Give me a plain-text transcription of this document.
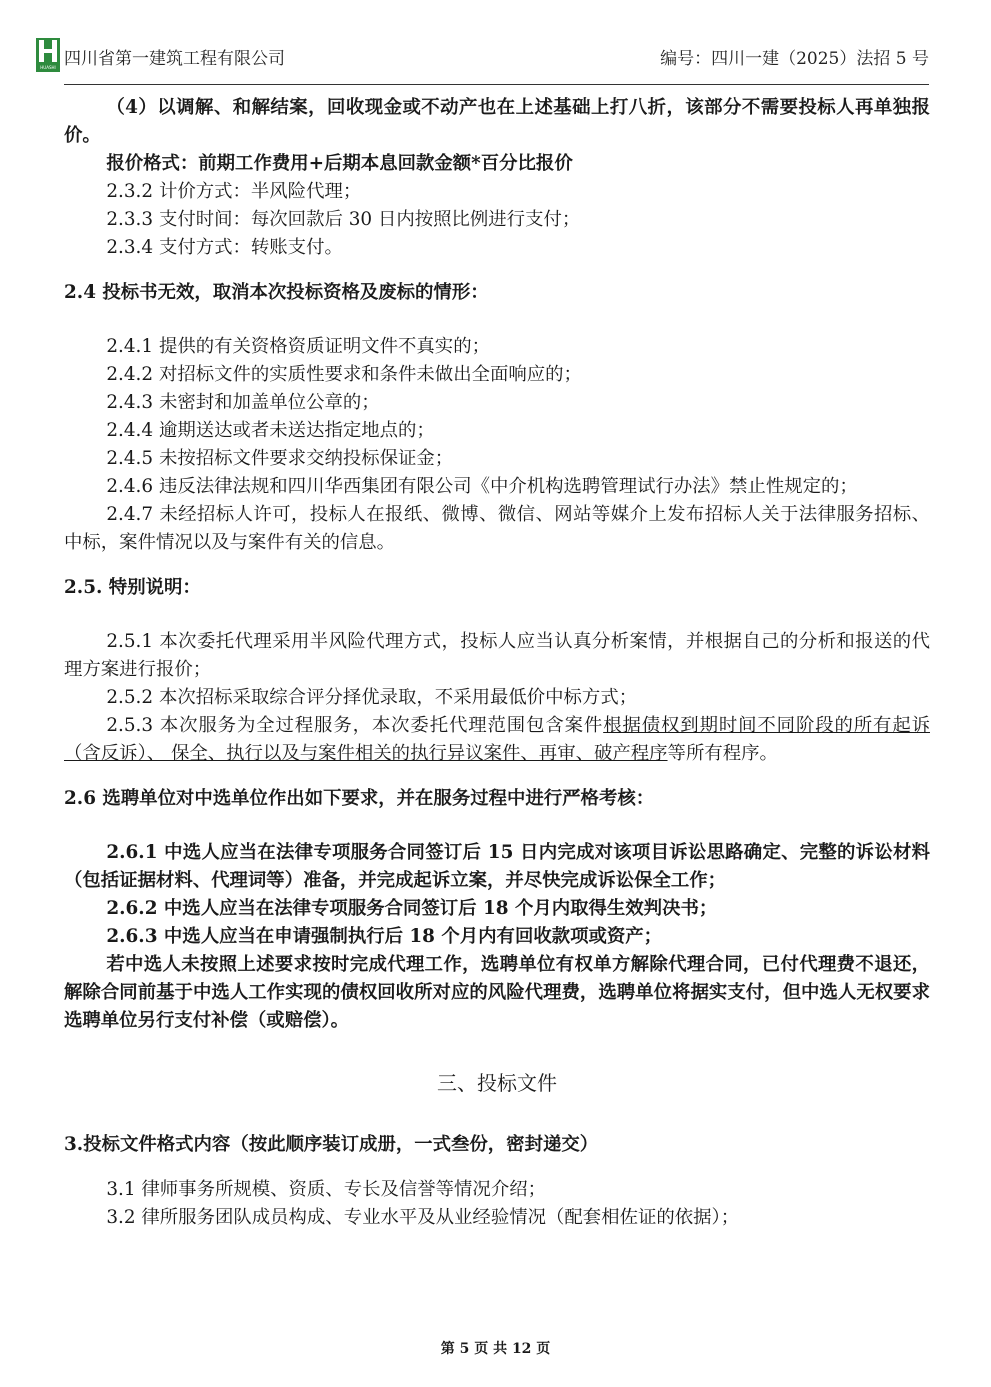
HUASHI 四川省第一建筑工程有限公司	编号：四川一建（2025）法招 5 号

（4）以调解、和解结案，回收现金或不动产也在上述基础上打八折，该部分不需要投标人再单独报价。

报价格式：前期工作费用+后期本息回款金额*百分比报价

2.3.2 计价方式：半风险代理；

2.3.3 支付时间：每次回款后 30 日内按照比例进行支付；

2.3.4 支付方式：转账支付。

2.4 投标书无效，取消本次投标资格及废标的情形：

2.4.1 提供的有关资格资质证明文件不真实的；

2.4.2 对招标文件的实质性要求和条件未做出全面响应的；

2.4.3 未密封和加盖单位公章的；

2.4.4 逾期送达或者未送达指定地点的；

2.4.5 未按招标文件要求交纳投标保证金；

2.4.6 违反法律法规和四川华西集团有限公司《中介机构选聘管理试行办法》禁止性规定的；

2.4.7 未经招标人许可，投标人在报纸、微博、微信、网站等媒介上发布招标人关于法律服务招标、中标，案件情况以及与案件有关的信息。

2.5. 特别说明：

2.5.1 本次委托代理采用半风险代理方式，投标人应当认真分析案情，并根据自己的分析和报送的代理方案进行报价；

2.5.2 本次招标采取综合评分择优录取，不采用最低价中标方式；

2.5.3 本次服务为全过程服务，本次委托代理范围包含案件根据债权到期时间不同阶段的所有起诉（含反诉）、 保全、执行以及与案件相关的执行异议案件、再审、破产程序等所有程序。

2.6 选聘单位对中选单位作出如下要求，并在服务过程中进行严格考核：

2.6.1 中选人应当在法律专项服务合同签订后 15 日内完成对该项目诉讼思路确定、完整的诉讼材料（包括证据材料、代理词等）准备，并完成起诉立案，并尽快完成诉讼保全工作；

2.6.2 中选人应当在法律专项服务合同签订后 18 个月内取得生效判决书；

2.6.3 中选人应当在申请强制执行后 18 个月内有回收款项或资产；

若中选人未按照上述要求按时完成代理工作，选聘单位有权单方解除代理合同，已付代理费不退还，解除合同前基于中选人工作实现的债权回收所对应的风险代理费，选聘单位将据实支付，但中选人无权要求选聘单位另行支付补偿（或赔偿）。

三、投标文件

3.投标文件格式内容（按此顺序装订成册，一式叁份，密封递交）

3.1 律师事务所规模、资质、专长及信誉等情况介绍；

3.2 律所服务团队成员构成、专业水平及从业经验情况（配套相佐证的依据）；

第 5 页 共 12 页
